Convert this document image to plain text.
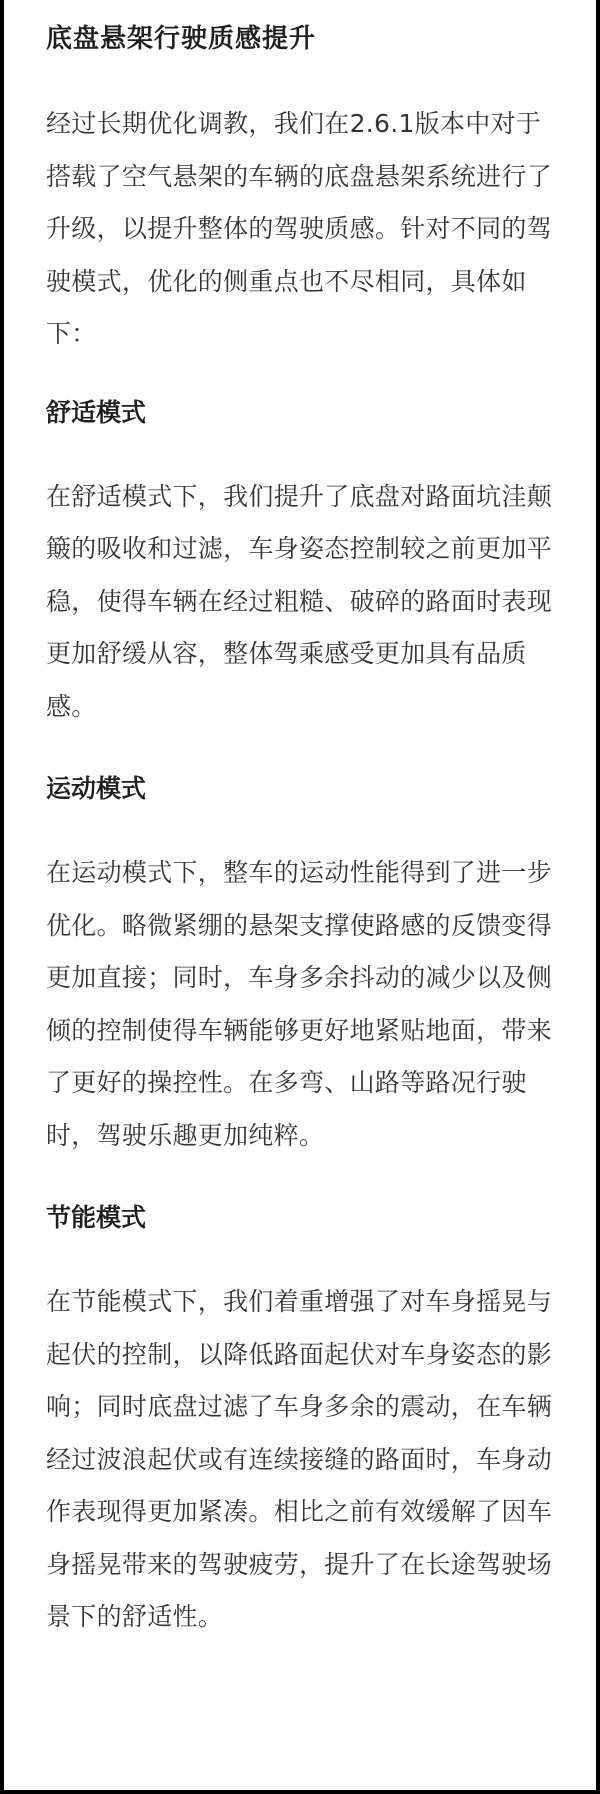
底盘悬架行驶质感提升

经过长期优化调教，我们在2.6.1版本中对于搭载了空气悬架的车辆的底盘悬架系统进行了升级，以提升整体的驾驶质感。针对不同的驾驶模式，优化的侧重点也不尽相同，具体如下：

舒适模式

在舒适模式下，我们提升了底盘对路面坑洼颠簸的吸收和过滤，车身姿态控制较之前更加平稳，使得车辆在经过粗糙、破碎的路面时表现更加舒缓从容，整体驾乘感受更加具有品质感。

运动模式

在运动模式下，整车的运动性能得到了进一步优化。略微紧绷的悬架支撑使路感的反馈变得更加直接；同时，车身多余抖动的减少以及侧倾的控制使得车辆能够更好地紧贴地面，带来了更好的操控性。在多弯、山路等路况行驶时，驾驶乐趣更加纯粹。

节能模式

在节能模式下，我们着重增强了对车身摇晃与起伏的控制，以降低路面起伏对车身姿态的影响；同时底盘过滤了车身多余的震动，在车辆经过波浪起伏或有连续接缝的路面时，车身动作表现得更加紧凑。相比之前有效缓解了因车身摇晃带来的驾驶疲劳，提升了在长途驾驶场景下的舒适性。
